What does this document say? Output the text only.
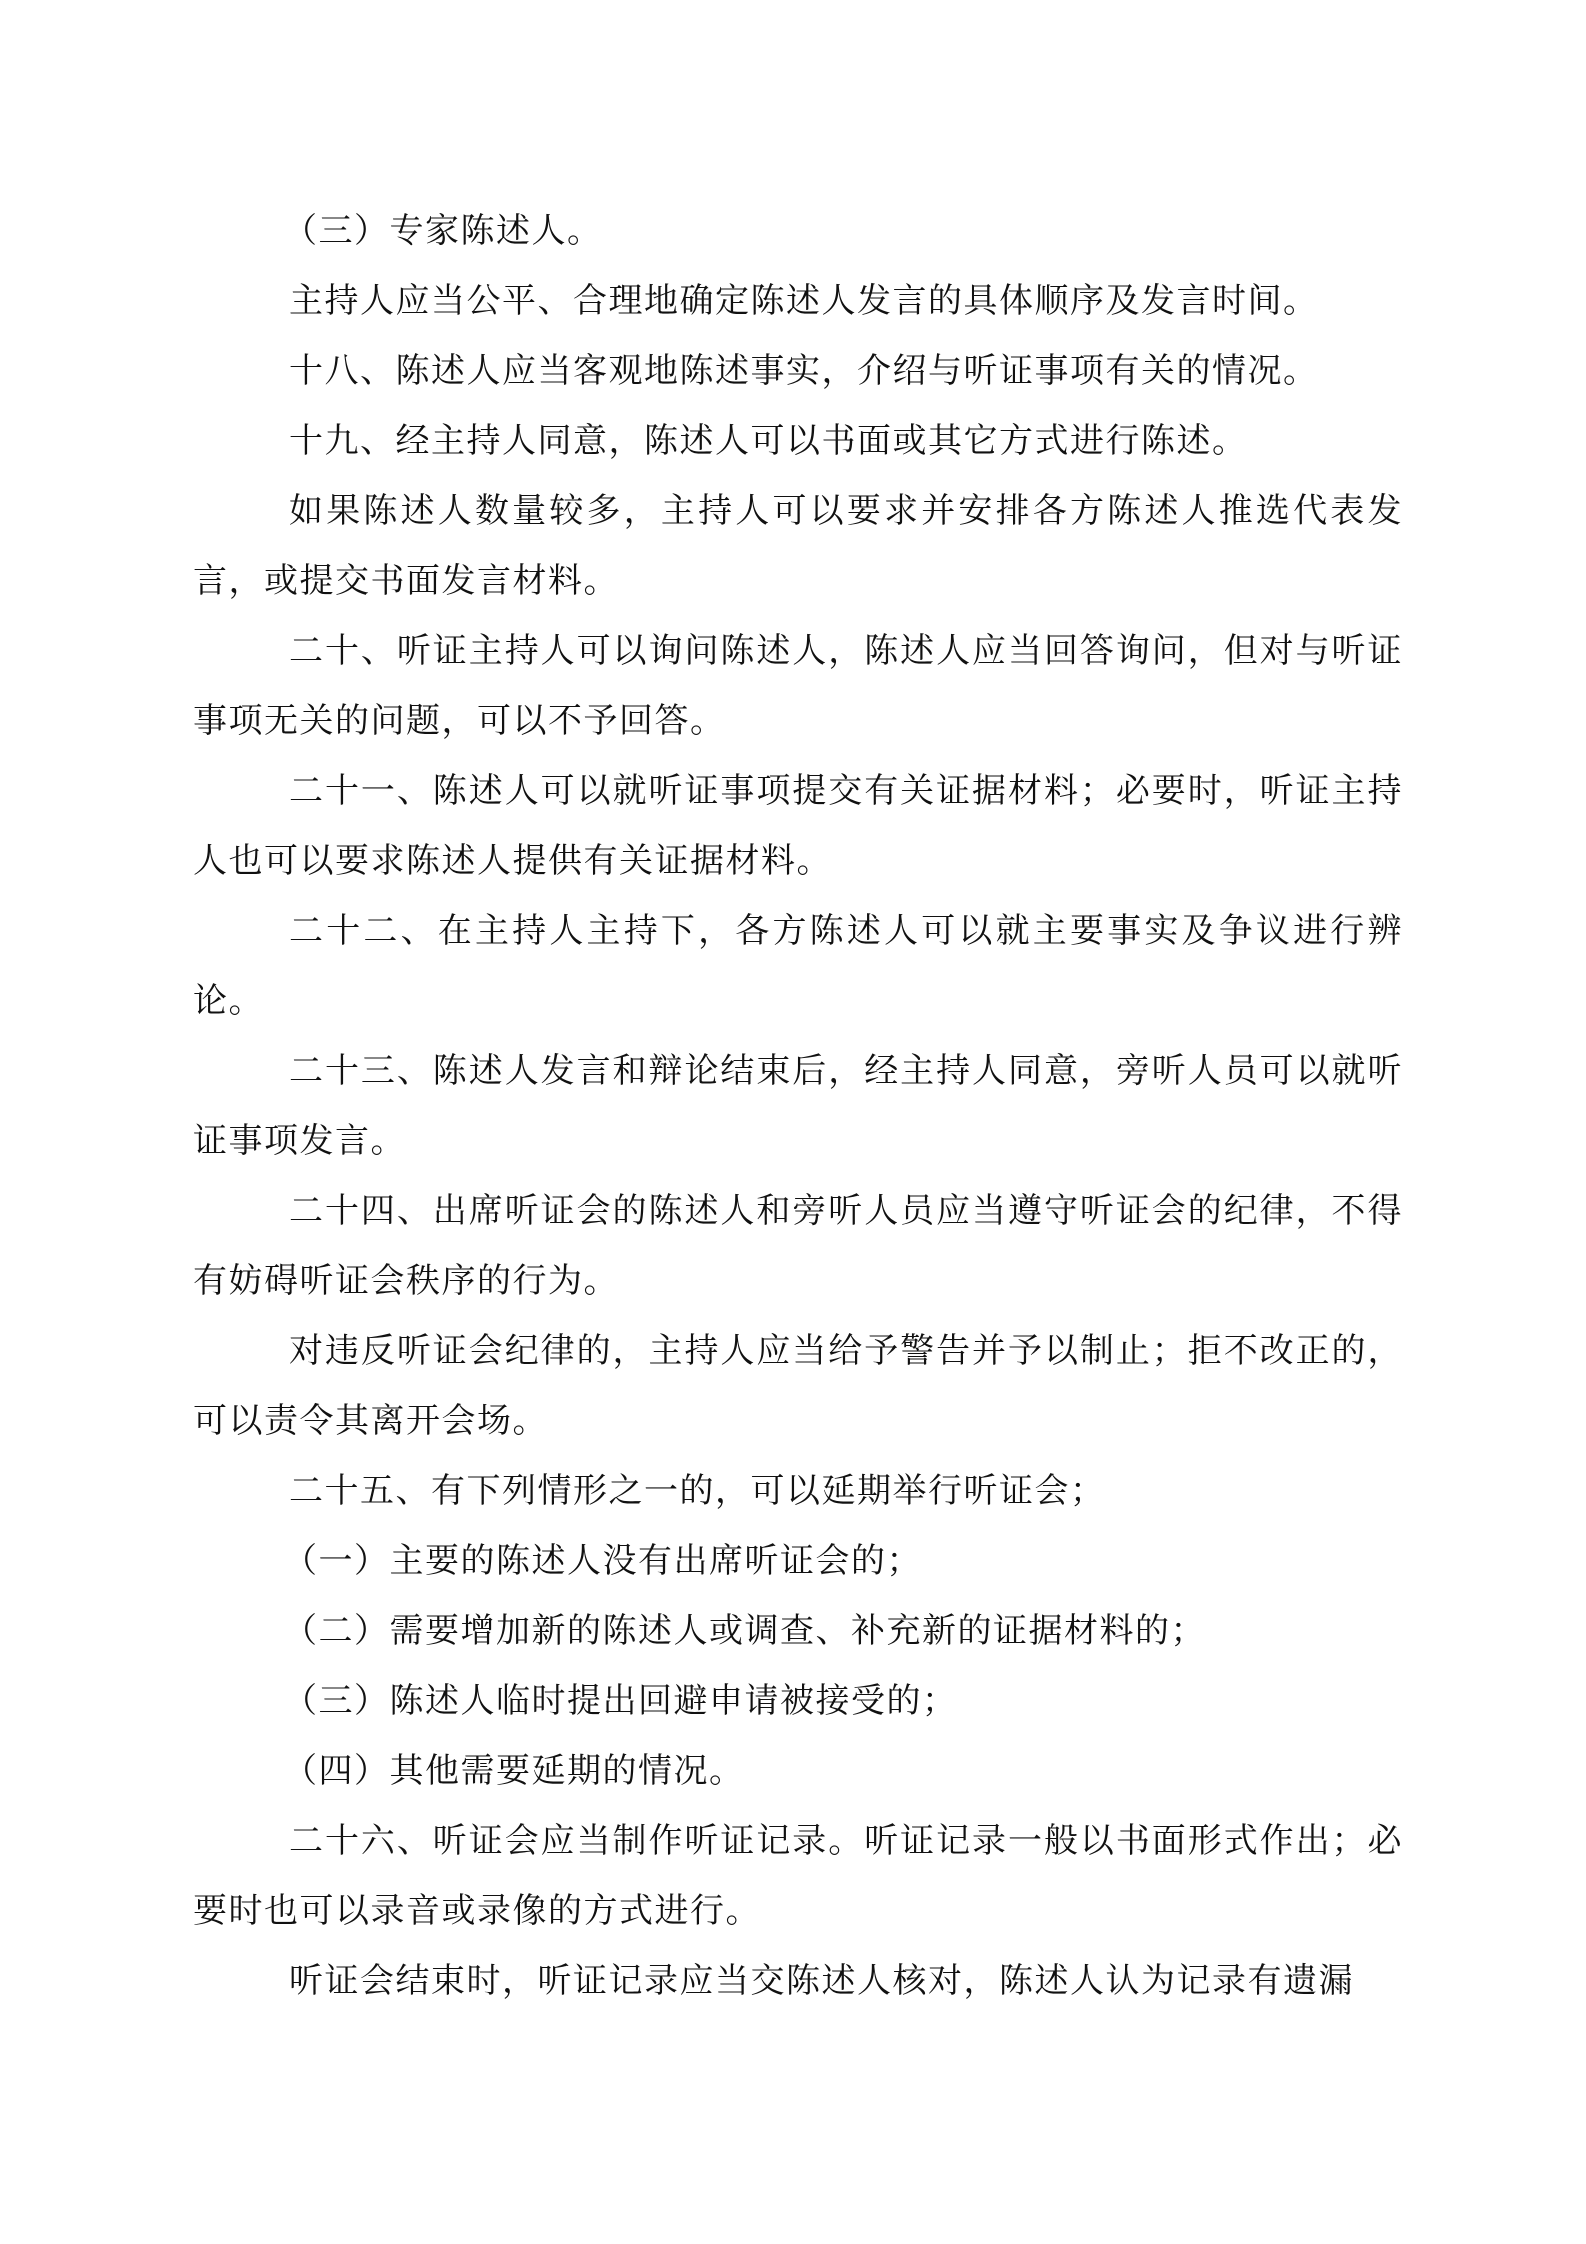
（三）专家陈述人。

主持人应当公平、合理地确定陈述人发言的具体顺序及发言时间。

十八、陈述人应当客观地陈述事实，介绍与听证事项有关的情况。

十九、经主持人同意，陈述人可以书面或其它方式进行陈述。

如果陈述人数量较多，主持人可以要求并安排各方陈述人推选代表发言，或提交书面发言材料。

二十、听证主持人可以询问陈述人，陈述人应当回答询问，但对与听证事项无关的问题，可以不予回答。

二十一、陈述人可以就听证事项提交有关证据材料；必要时，听证主持人也可以要求陈述人提供有关证据材料。

二十二、在主持人主持下，各方陈述人可以就主要事实及争议进行辨论。

二十三、陈述人发言和辩论结束后，经主持人同意，旁听人员可以就听证事项发言。

二十四、出席听证会的陈述人和旁听人员应当遵守听证会的纪律，不得有妨碍听证会秩序的行为。

对违反听证会纪律的，主持人应当给予警告并予以制止；拒不改正的，可以责令其离开会场。

二十五、有下列情形之一的，可以延期举行听证会；

（一）主要的陈述人没有出席听证会的；

（二）需要增加新的陈述人或调查、补充新的证据材料的；

（三）陈述人临时提出回避申请被接受的；

（四）其他需要延期的情况。

二十六、听证会应当制作听证记录。听证记录一般以书面形式作出；必要时也可以录音或录像的方式进行。

听证会结束时，听证记录应当交陈述人核对，陈述人认为记录有遗漏
